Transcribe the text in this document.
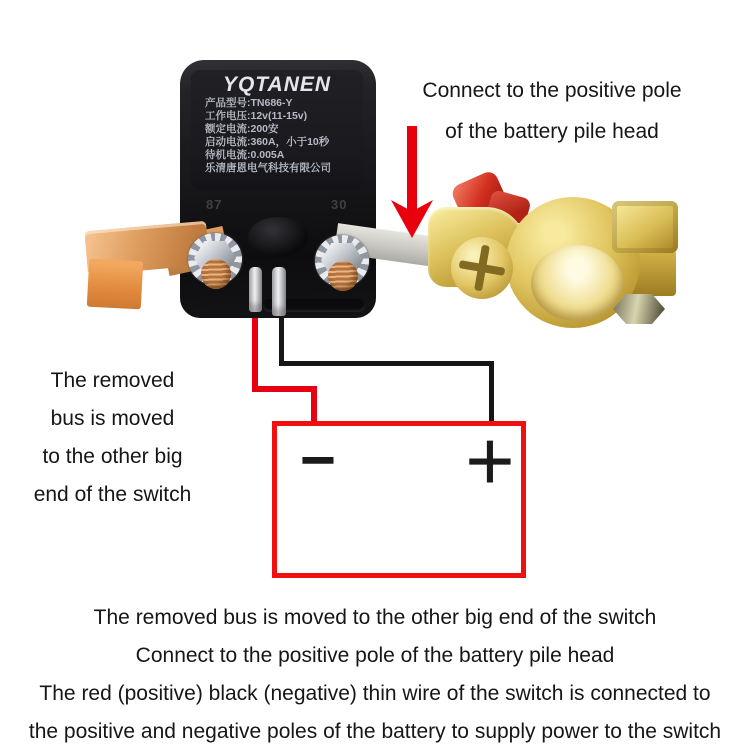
− +
YQTANEN
产品型号:TN686-Y
工作电压:12v(11-15v)
额定电流:200安
启动电流:360A，小于10秒
待机电流:0.005A
乐清唐恩电气科技有限公司
87	30
Connect to the positive pole
of the battery pile head
The removed
bus is moved
to the other big
end of the switch
The removed bus is moved to the other big end of the switch
Connect to the positive pole of the battery pile head
The red (positive) black (negative) thin wire of the switch is connected to
the positive and negative poles of the battery to supply power to the switch
